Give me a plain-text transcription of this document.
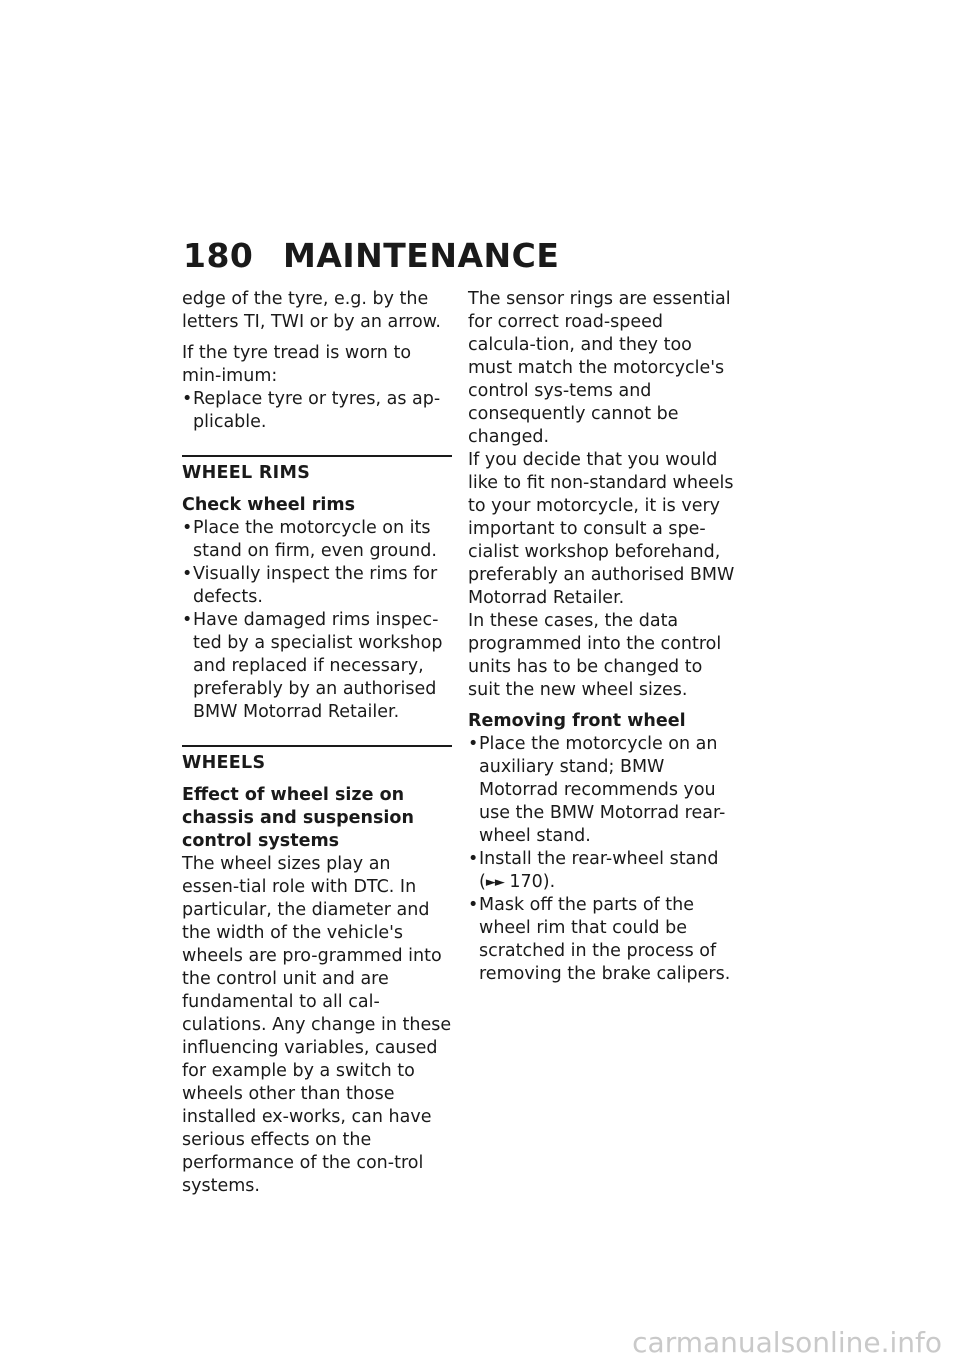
180 MAINTENANCE

edge of the tyre, e.g. by the letters TI, TWI or by an arrow.

If the tyre tread is worn to min-imum:

• Replace tyre or tyres, as ap-plicable.
WHEEL RIMS
Check wheel rims
• Place the motorcycle on its stand on firm, even ground.
• Visually inspect the rims for defects.
• Have damaged rims inspec-ted by a specialist workshop and replaced if necessary, preferably by an authorised BMW Motorrad Retailer.
WHEELS
Effect of wheel size on chassis and suspension control systems

The wheel sizes play an essen-tial role with DTC. In particular, the diameter and the width of the vehicle's wheels are pro-grammed into the control unit and are fundamental to all cal-culations. Any change in these influencing variables, caused for example by a switch to wheels other than those installed ex-works, can have serious effects on the performance of the con-trol systems.

The sensor rings are essential for correct road-speed calcula-tion, and they too must match the motorcycle's control sys-tems and consequently cannot be changed.

If you decide that you would like to fit non-standard wheels to your motorcycle, it is very important to consult a spe-cialist workshop beforehand, preferably an authorised BMW Motorrad Retailer.

In these cases, the data programmed into the control units has to be changed to suit the new wheel sizes.

Removing front wheel
• Place the motorcycle on an auxiliary stand; BMW Motorrad recommends you use the BMW Motorrad rear-wheel stand.
• Install the rear-wheel stand
(►► 170).
• Mask off the parts of the wheel rim that could be scratched in the process of removing the brake calipers.
carmanualsonline.info
